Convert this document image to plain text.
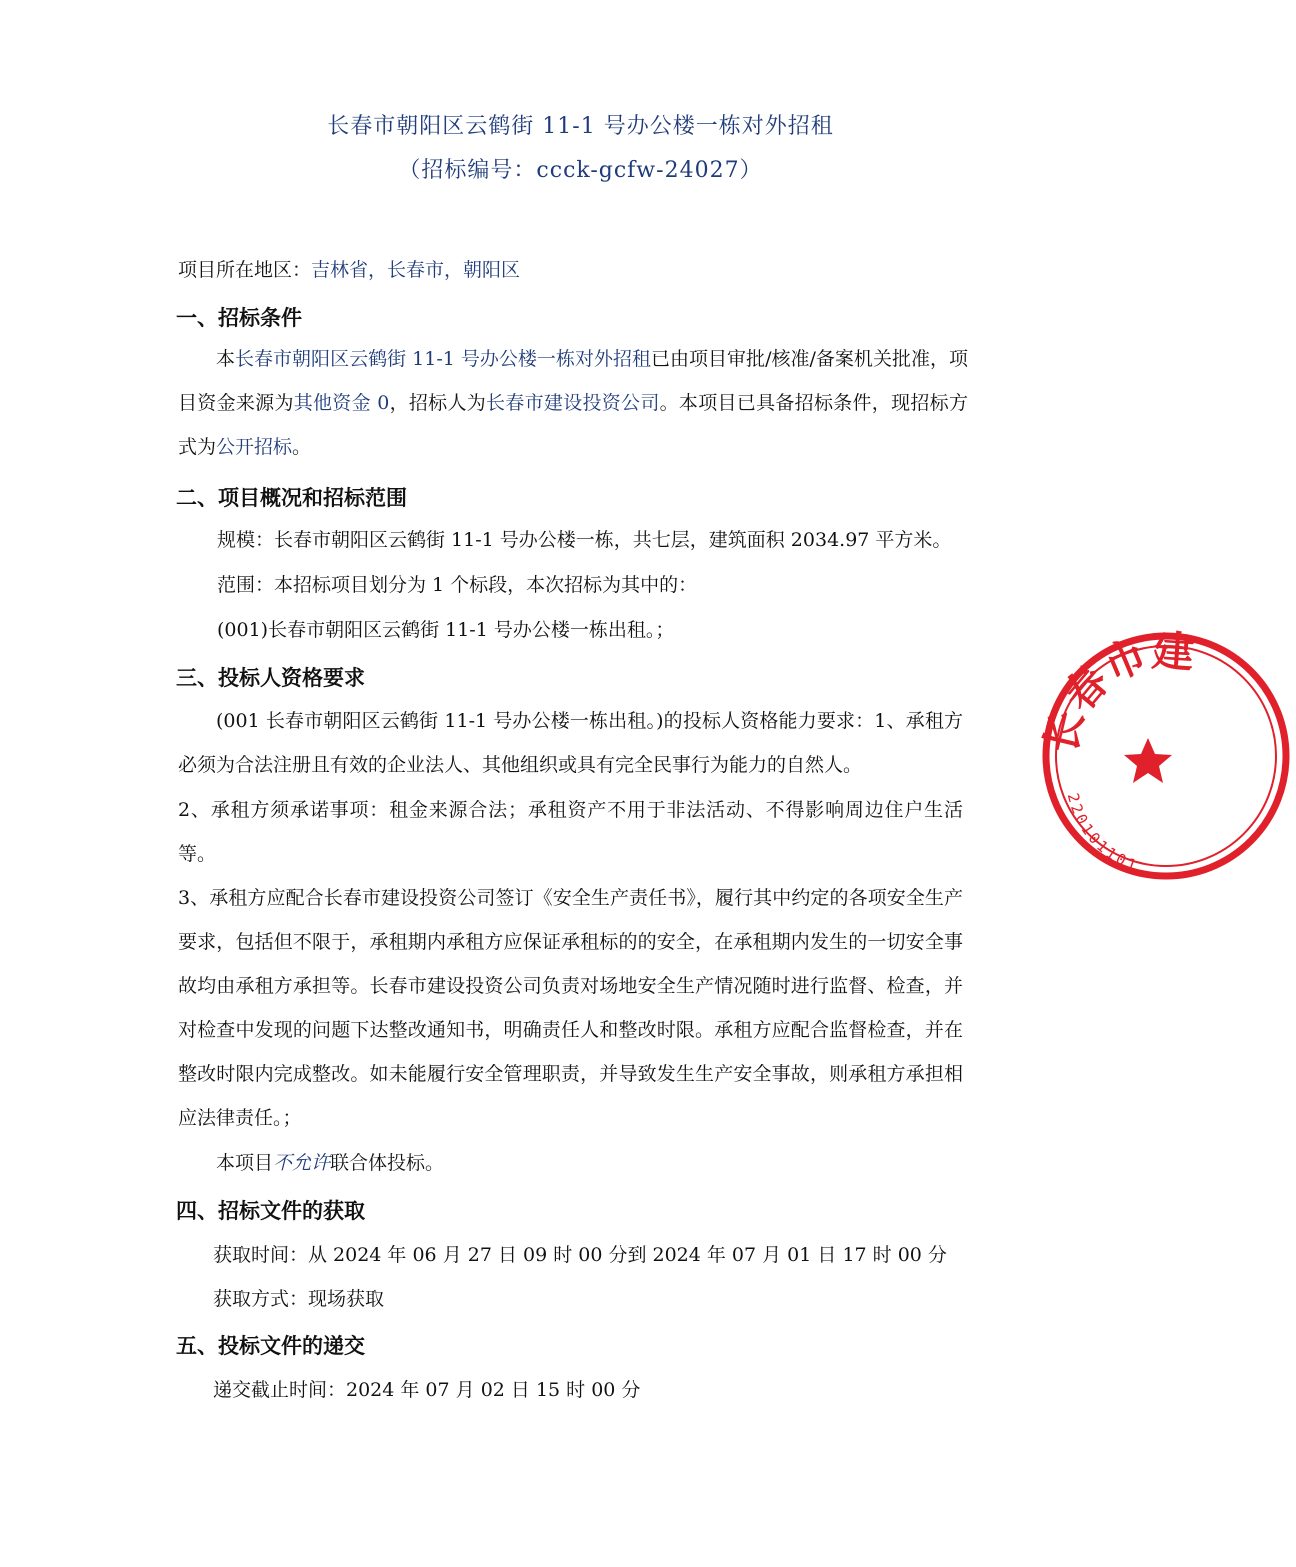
长春市朝阳区云鹤街 11-1 号办公楼一栋对外招租
（招标编号：ccck-gcfw-24027）
项目所在地区：吉林省，长春市，朝阳区
一、招标条件
本长春市朝阳区云鹤街 11-1 号办公楼一栋对外招租已由项目审批/核准/备案机关批准，项目资金来源为其他资金 0，招标人为长春市建设投资公司。本项目已具备招标条件，现招标方式为公开招标。
二、项目概况和招标范围
规模：长春市朝阳区云鹤街 11-1 号办公楼一栋，共七层，建筑面积 2034.97 平方米。
范围：本招标项目划分为 1 个标段，本次招标为其中的：
(001)长春市朝阳区云鹤街 11-1 号办公楼一栋出租。；
三、投标人资格要求
(001 长春市朝阳区云鹤街 11-1 号办公楼一栋出租。)的投标人资格能力要求：1、承租方必须为合法注册且有效的企业法人、其他组织或具有完全民事行为能力的自然人。
2、承租方须承诺事项：租金来源合法；承租资产不用于非法活动、不得影响周边住户生活等。
3、承租方应配合长春市建设投资公司签订《安全生产责任书》，履行其中约定的各项安全生产要求，包括但不限于，承租期内承租方应保证承租标的的安全，在承租期内发生的一切安全事故均由承租方承担等。长春市建设投资公司负责对场地安全生产情况随时进行监督、检查，并对检查中发现的问题下达整改通知书，明确责任人和整改时限。承租方应配合监督检查，并在整改时限内完成整改。如未能履行安全管理职责，并导致发生生产安全事故，则承租方承担相应法律责任。；
本项目不允许联合体投标。
四、招标文件的获取
获取时间：从 2024 年 06 月 27 日 09 时 00 分到 2024 年 07 月 01 日 17 时 00 分
获取方式：现场获取
五、投标文件的递交
递交截止时间：2024 年 07 月 02 日 15 时 00 分
长春市建
220101101
